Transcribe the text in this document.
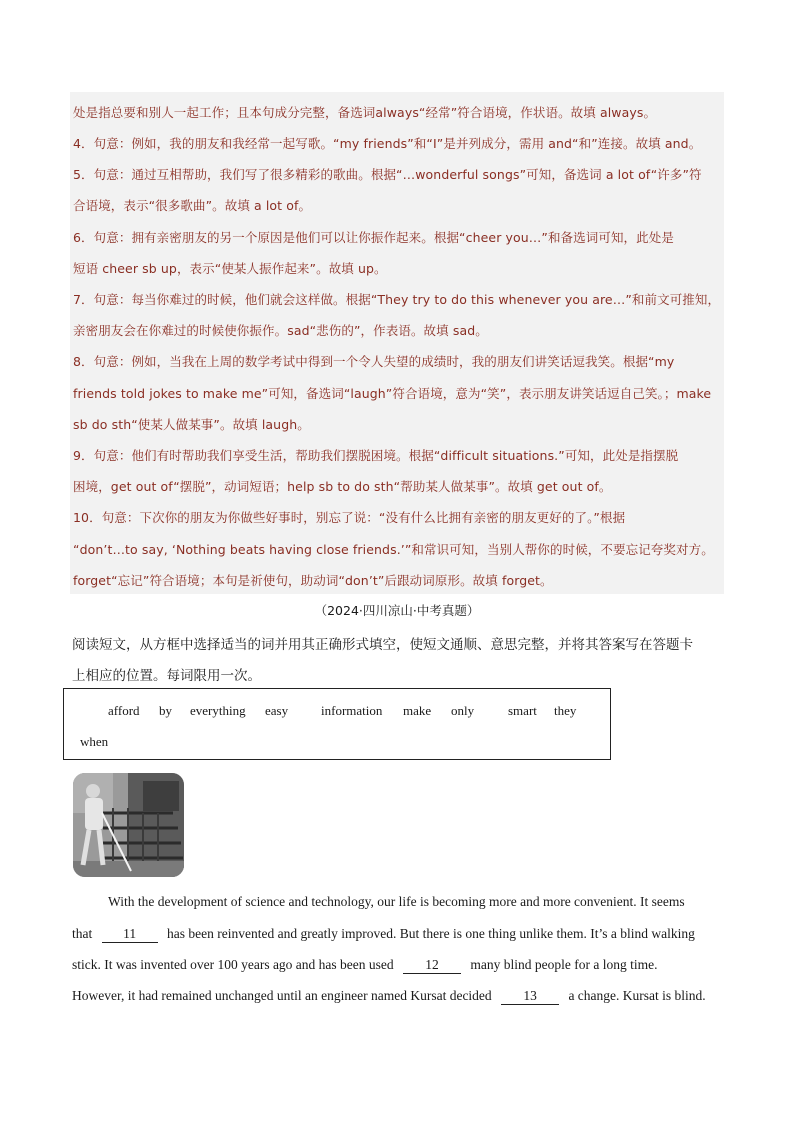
处是指总要和别人一起工作；且本句成分完整，备选词always“经常”符合语境，作状语。故填 always。
4．句意：例如，我的朋友和我经常一起写歌。“my friends”和“I”是并列成分，需用 and“和”连接。故填 and。
5．句意：通过互相帮助，我们写了很多精彩的歌曲。根据“…wonderful songs”可知，备选词 a lot of“许多”符
合语境，表示“很多歌曲”。故填 a lot of。
6．句意：拥有亲密朋友的另一个原因是他们可以让你振作起来。根据“cheer you…”和备选词可知，此处是
短语 cheer sb up，表示“使某人振作起来”。故填 up。
7．句意：每当你难过的时候，他们就会这样做。根据“They try to do this whenever you are…”和前文可推知，
亲密朋友会在你难过的时候使你振作。sad“悲伤的”，作表语。故填 sad。
8．句意：例如，当我在上周的数学考试中得到一个令人失望的成绩时，我的朋友们讲笑话逗我笑。根据“my
friends told jokes to make me”可知，备选词“laugh”符合语境，意为“笑”，表示朋友讲笑话逗自己笑。；make
sb do sth“使某人做某事”。故填 laugh。
9．句意：他们有时帮助我们享受生活，帮助我们摆脱困境。根据“difficult situations.”可知，此处是指摆脱
困境，get out of“摆脱”，动词短语；help sb to do sth“帮助某人做某事”。故填 get out of。
10．句意：下次你的朋友为你做些好事时，别忘了说：“没有什么比拥有亲密的朋友更好的了。”根据
“don’t…to say, ‘Nothing beats having close friends.’”和常识可知，当别人帮你的时候，不要忘记夸奖对方。
forget“忘记”符合语境；本句是祈使句，助动词“don’t”后跟动词原形。故填 forget。
（2024·四川凉山·中考真题）
阅读短文，从方框中选择适当的词并用其正确形式填空，使短文通顺、意思完整，并将其答案写在答题卡
上相应的位置。每词限用一次。
afford by everything easy	information make only	smart they
when
With the development of science and technology, our life is becoming more and more convenient. It seems
that 11 has been reinvented and greatly improved. But there is one thing unlike them. It’s a blind walking
stick. It was invented over 100 years ago and has been used 12 many blind people for a long time.
However, it had remained unchanged until an engineer named Kursat decided 13 a change. Kursat is blind.
